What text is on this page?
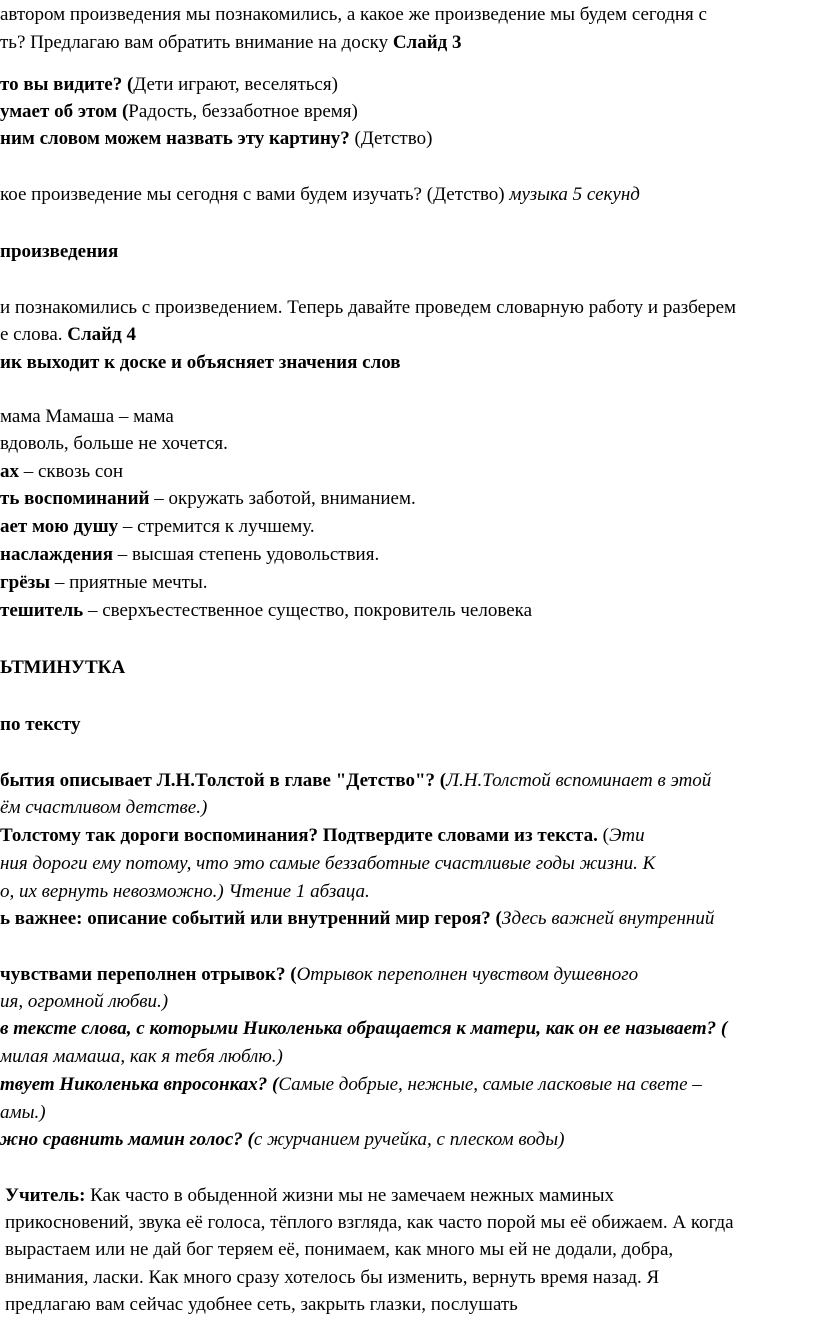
автором произведения мы познакомились, а какое же произведение мы будем сегодня с
ть? Предлагаю вам обратить внимание на доску Слайд 3
то вы видите? (Дети играют, веселяться)
умает об этом (Радость, беззаботное время)
ним словом можем назвать эту картину? (Детство)
кое произведение мы сегодня с вами будем изучать? (Детство) музыка 5 секунд
произведения
и познакомились с произведением. Теперь давайте проведем словарную работу и разберем
е слова. Слайд 4
ик выходит к доске и объясняет значения слов
мама Мамаша – мама
вдоволь, больше не хочется.
ах – сквозь сон
ть воспоминаний – окружать заботой, вниманием.
ает мою душу – стремится к лучшему.
наслаждения – высшая степень удовольствия.
грёзы – приятные мечты.
тешитель – сверхъестественное существо, покровитель человека
ЬТМИНУТКА
по тексту
бытия описывает Л.Н.Толстой в главе "Детство"? (Л.Н.Толстой вспоминает в этой
ём счастливом детстве.)
Толстому так дороги воспоминания? Подтвердите словами из текста. (Эти
ния дороги ему потому, что это самые беззаботные счастливые годы жизни. К
о, их вернуть невозможно.) Чтение 1 абзаца.
ь важнее: описание событий или внутренний мир героя? (Здесь важней внутренний
чувствами переполнен отрывок? (Отрывок переполнен чувством душевного
ия, огромной любви.)
в тексте слова, с которыми Николенька обращается к матери, как он ее называет? (
милая мамаша, как я тебя люблю.)
твует Николенька впросонках? (Самые добрые, нежные, самые ласковые на свете –
амы.)
жно сравнить мамин голос? (с журчанием ручейка, с плеском воды)
Учитель: Как часто в обыденной жизни мы не замечаем нежных маминых
прикосновений, звука её голоса, тёплого взгляда, как часто порой мы её обижаем. А когда
вырастаем или не дай бог теряем её, понимаем, как много мы ей не додали, добра,
внимания, ласки. Как много сразу хотелось бы изменить, вернуть время назад. Я
предлагаю вам сейчас удобнее сеть, закрыть глазки, послушать
